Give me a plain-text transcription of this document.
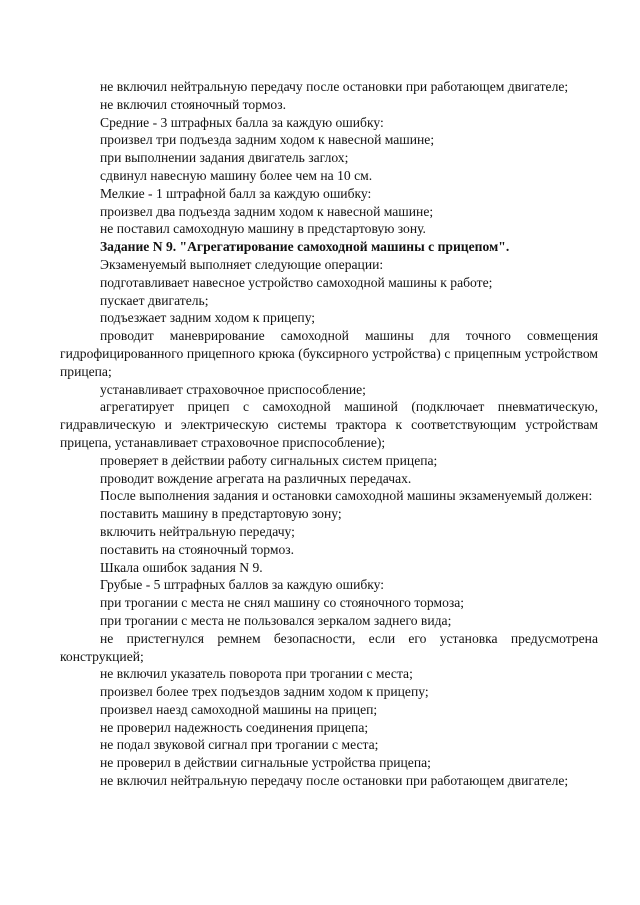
не включил нейтральную передачу после остановки при работающем двигателе;

не включил стояночный тормоз.

Средние - 3 штрафных балла за каждую ошибку:

произвел три подъезда задним ходом к навесной машине;

при выполнении задания двигатель заглох;

сдвинул навесную машину более чем на 10 см.

Мелкие - 1 штрафной балл за каждую ошибку:

произвел два подъезда задним ходом к навесной машине;

не поставил самоходную машину в предстартовую зону.

Задание N 9. "Агрегатирование самоходной машины с прицепом".

Экзаменуемый выполняет следующие операции:

подготавливает навесное устройство самоходной машины к работе;

пускает двигатель;

подъезжает задним ходом к прицепу;

проводит маневрирование самоходной машины для точного совмещения гидрофицированного прицепного крюка (буксирного устройства) с прицепным устройством прицепа;

устанавливает страховочное приспособление;

агрегатирует прицеп с самоходной машиной (подключает пневматическую, гидравлическую и электрическую системы трактора к соответствующим устройствам прицепа, устанавливает страховочное приспособление);

проверяет в действии работу сигнальных систем прицепа;

проводит вождение агрегата на различных передачах.

После выполнения задания и остановки самоходной машины экзаменуемый должен:

поставить машину в предстартовую зону;

включить нейтральную передачу;

поставить на стояночный тормоз.

Шкала ошибок задания N 9.

Грубые - 5 штрафных баллов за каждую ошибку:

при трогании с места не снял машину со стояночного тормоза;

при трогании с места не пользовался зеркалом заднего вида;

не пристегнулся ремнем безопасности, если его установка предусмотрена конструкцией;

не включил указатель поворота при трогании с места;

произвел более трех подъездов задним ходом к прицепу;

произвел наезд самоходной машины на прицеп;

не проверил надежность соединения прицепа;

не подал звуковой сигнал при трогании с места;

не проверил в действии сигнальные устройства прицепа;

не включил нейтральную передачу после остановки при работающем двигателе;
